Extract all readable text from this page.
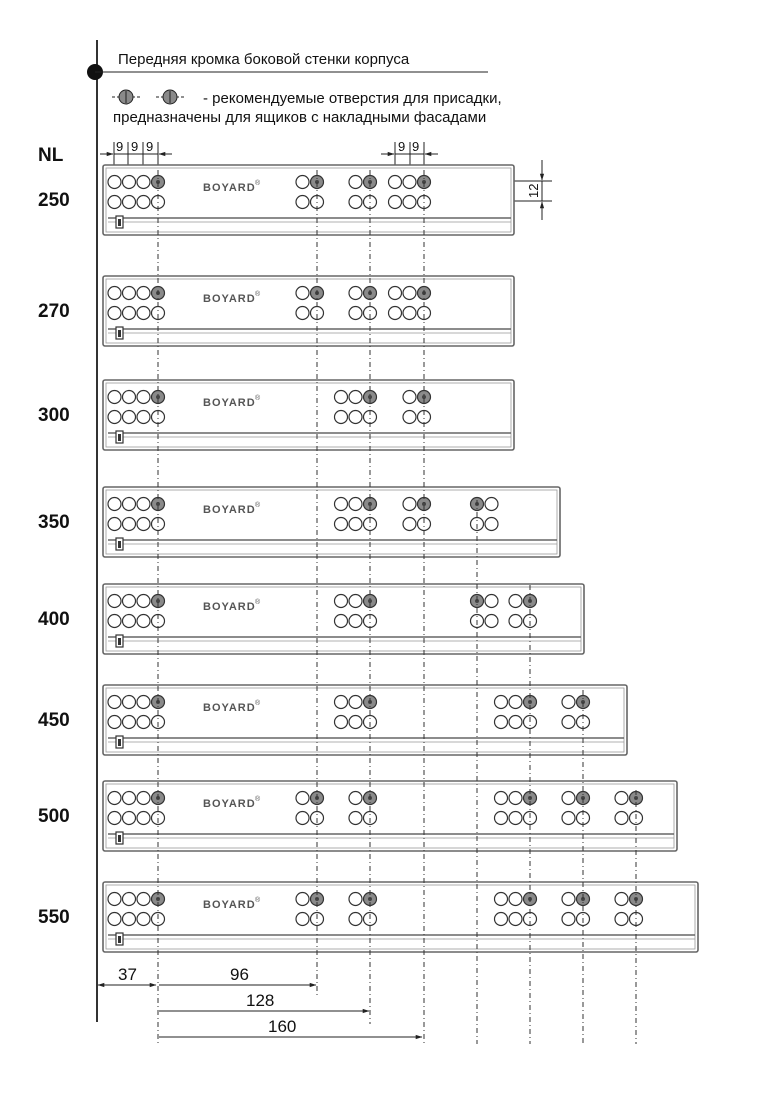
Передняя кромка боковой стенки корпуса
- рекомендуемые отверстия для присадки,
предназначены для ящиков с накладными фасадами
NL	9 9 9	9 9
12
250
BOYARD ®
270
BOYARD ®
300
BOYARD ®
350
BOYARD ®
400
BOYARD ®
450
BOYARD ®
500
BOYARD ®
550
BOYARD ®
37	96
128
160
